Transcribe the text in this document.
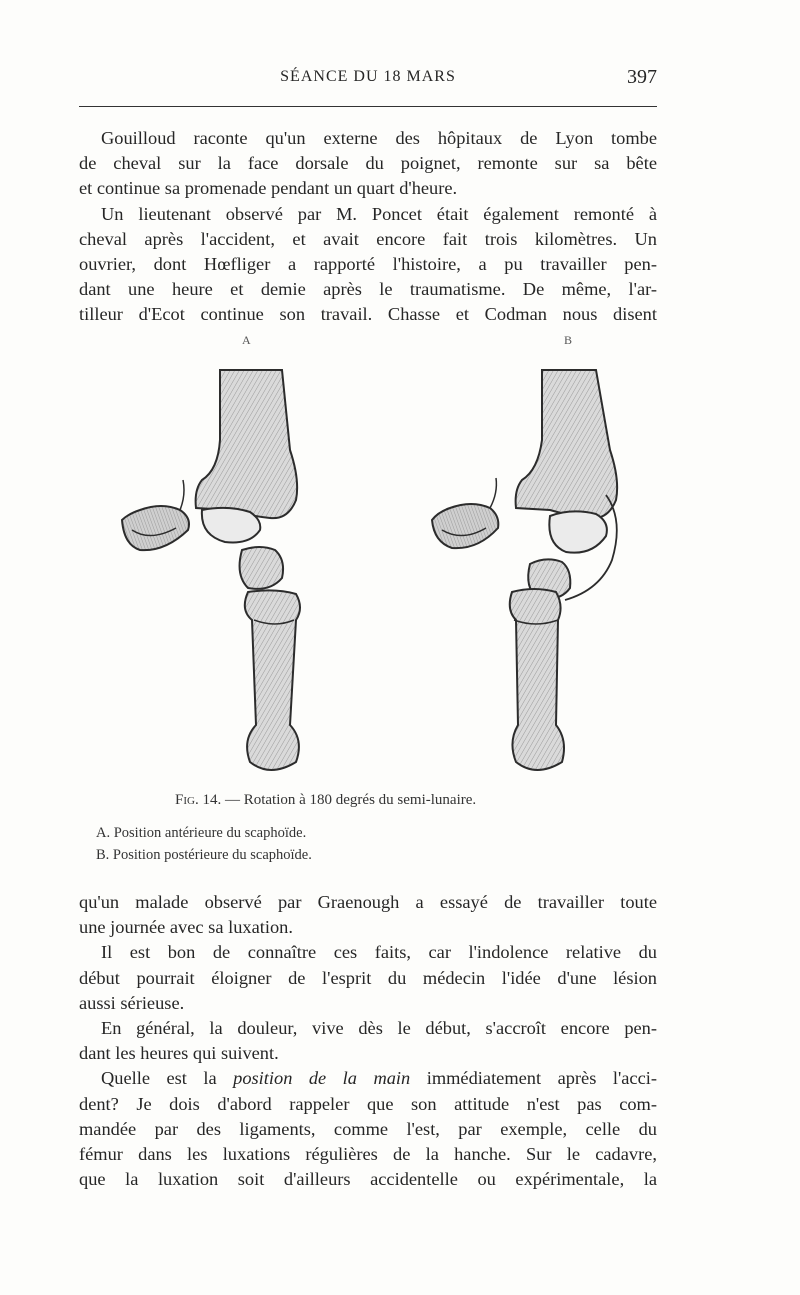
SÉANCE DU 18 MARS	397

Gouilloud raconte qu'un externe des hôpitaux de Lyon tombe
de cheval sur la face dorsale du poignet, remonte sur sa bête
et continue sa promenade pendant un quart d'heure.

Un lieutenant observé par M. Poncet était également remonté à
cheval après l'accident, et avait encore fait trois kilomètres. Un
ouvrier, dont Hœfliger a rapporté l'histoire, a pu travailler pen-
dant une heure et demie après le traumatisme. De même, l'ar-
tilleur d'Ecot continue son travail. Chasse et Codman nous disent

A	B
Fig. 14. — Rotation à 180 degrés du semi-lunaire.
A. Position antérieure du scaphoïde.
B. Position postérieure du scaphoïde.

qu'un malade observé par Graenough a essayé de travailler toute
une journée avec sa luxation.

Il est bon de connaître ces faits, car l'indolence relative du
début pourrait éloigner de l'esprit du médecin l'idée d'une lésion
aussi sérieuse.

En général, la douleur, vive dès le début, s'accroît encore pen-
dant les heures qui suivent.

Quelle est la position de la main immédiatement après l'acci-
dent? Je dois d'abord rappeler que son attitude n'est pas com-
mandée par des ligaments, comme l'est, par exemple, celle du
fémur dans les luxations régulières de la hanche. Sur le cadavre,
que la luxation soit d'ailleurs accidentelle ou expérimentale, la
